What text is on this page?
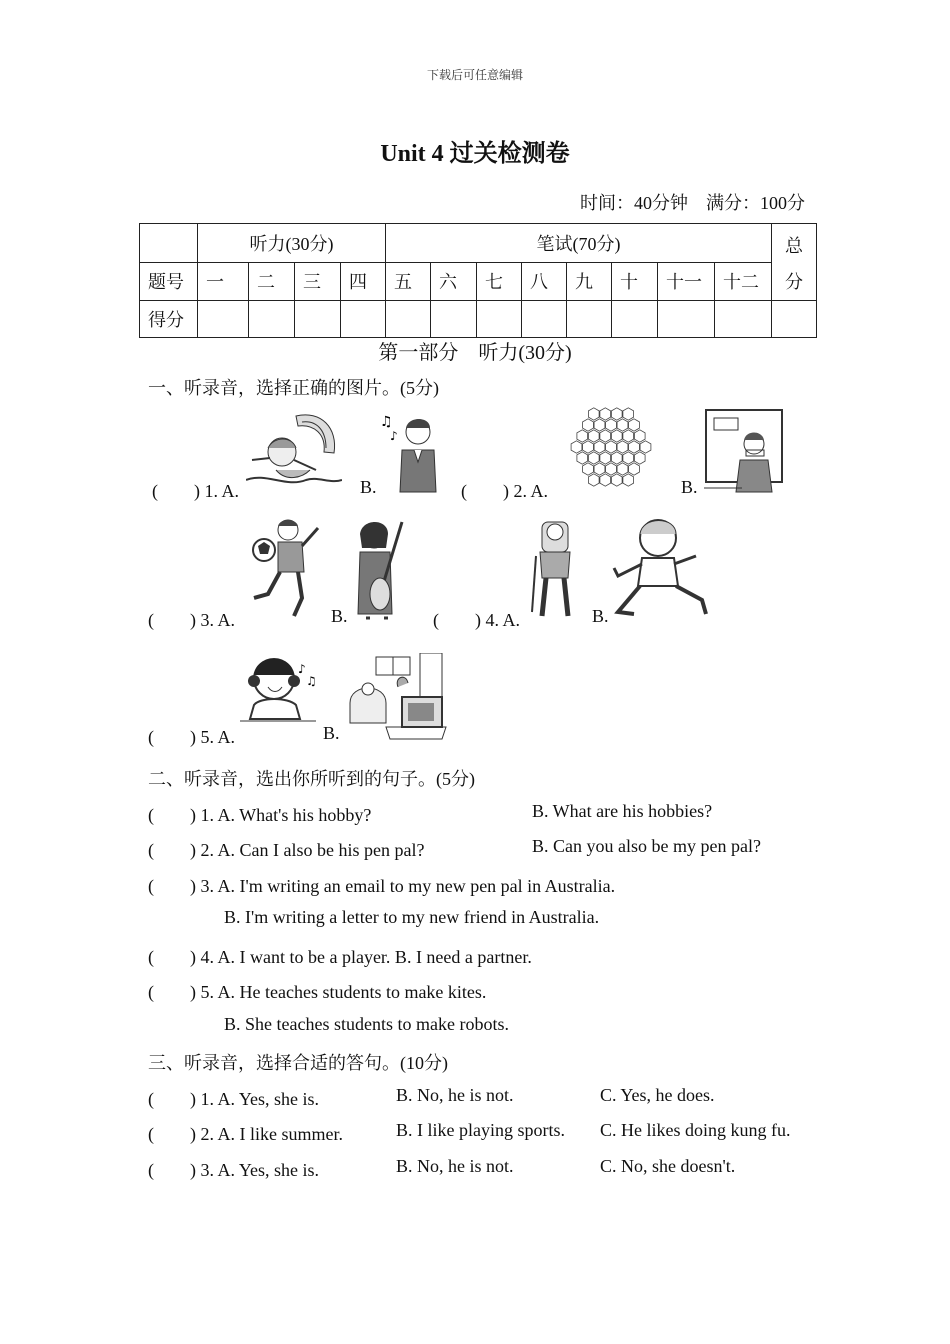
下载后可任意编辑
Unit 4 过关检测卷
时间：40分钟　满分：100分
	听力(30分)				笔试(70分)								总分
题号	一	二	三	四	五	六	七	八	九	十	十一	十二	
得分													
第一部分　听力(30分)
一、听录音，选择正确的图片。(5分)
(　　) 1. A.	B.
♫
♪
(　　) 2. A.	B.
(　　) 3. A.	B.	(　　) 4. A.	B.
(　　) 5. A.
♪
♫
B.
二、听录音，选出你所听到的句子。(5分)
(　　) 1. A. What's his hobby?	B. What are his hobbies?
(　　) 2. A. Can I also be his pen pal?	B. Can you also be my pen pal?
(　　) 3. A. I'm writing an email to my new pen pal in Australia.
B. I'm writing a letter to my new friend in Australia.
(　　) 4. A. I want to be a player. B. I need a partner.
(　　) 5. A. He teaches students to make kites.
B. She teaches students to make robots.
三、听录音，选择合适的答句。(10分)
(　　) 1. A. Yes, she is.	B. No, he is not.	C. Yes, he does.
(　　) 2. A. I like summer.	B. I like playing sports. C. He likes doing kung fu.
(　　) 3. A. Yes, she is.	B. No, he is not.	C. No, she doesn't.
